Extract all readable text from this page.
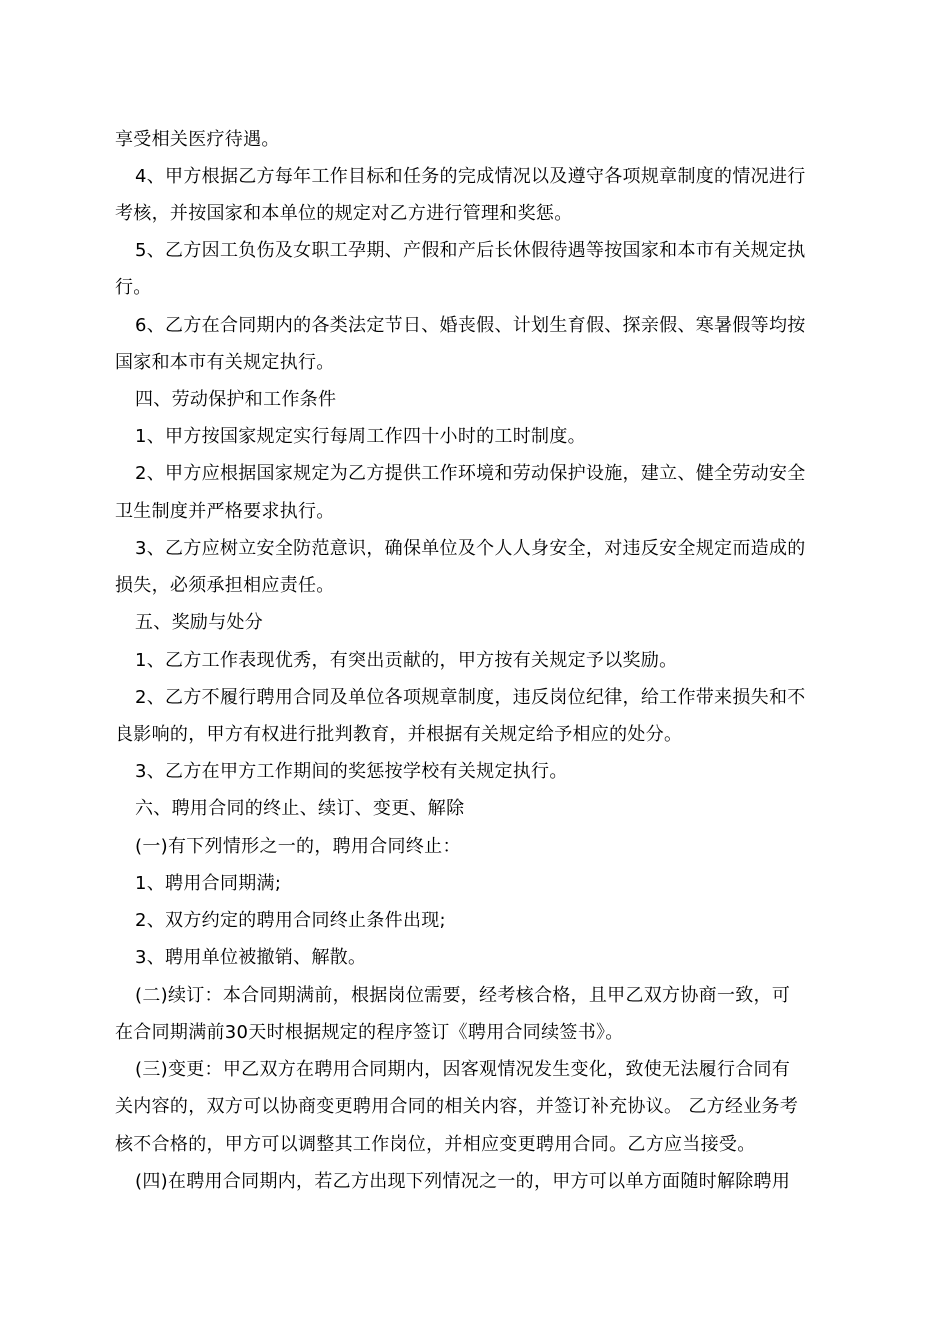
享受相关医疗待遇。
4、甲方根据乙方每年工作目标和任务的完成情况以及遵守各项规章制度的情况进行
考核，并按国家和本单位的规定对乙方进行管理和奖惩。
5、乙方因工负伤及女职工孕期、产假和产后长休假待遇等按国家和本市有关规定执
行。
6、乙方在合同期内的各类法定节日、婚丧假、计划生育假、探亲假、寒暑假等均按
国家和本市有关规定执行。
四、劳动保护和工作条件
1、甲方按国家规定实行每周工作四十小时的工时制度。
2、甲方应根据国家规定为乙方提供工作环境和劳动保护设施，建立、健全劳动安全
卫生制度并严格要求执行。
3、乙方应树立安全防范意识，确保单位及个人人身安全，对违反安全规定而造成的
损失，必须承担相应责任。
五、奖励与处分
1、乙方工作表现优秀，有突出贡献的，甲方按有关规定予以奖励。
2、乙方不履行聘用合同及单位各项规章制度，违反岗位纪律，给工作带来损失和不
良影响的，甲方有权进行批判教育，并根据有关规定给予相应的处分。
3、乙方在甲方工作期间的奖惩按学校有关规定执行。
六、聘用合同的终止、续订、变更、解除
(一)有下列情形之一的，聘用合同终止：
1、聘用合同期满;
2、双方约定的聘用合同终止条件出现;
3、聘用单位被撤销、解散。
(二)续订：本合同期满前，根据岗位需要，经考核合格，且甲乙双方协商一致，可
在合同期满前30天时根据规定的程序签订《聘用合同续签书》。
(三)变更：甲乙双方在聘用合同期内，因客观情况发生变化，致使无法履行合同有
关内容的，双方可以协商变更聘用合同的相关内容，并签订补充协议。 乙方经业务考
核不合格的，甲方可以调整其工作岗位，并相应变更聘用合同。乙方应当接受。
(四)在聘用合同期内，若乙方出现下列情况之一的，甲方可以单方面随时解除聘用
